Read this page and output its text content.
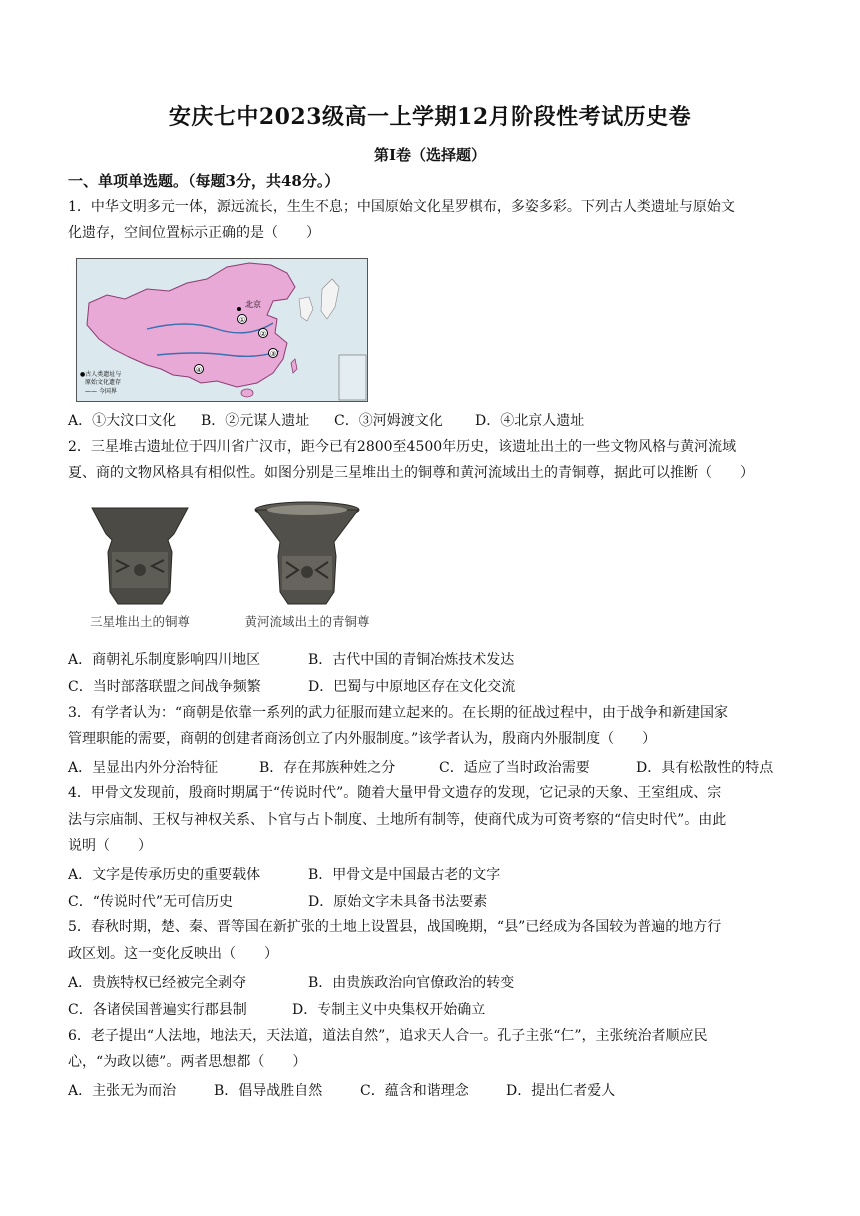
安庆七中2023级高一上学期12月阶段性考试历史卷
第Ⅰ卷（选择题）
一、单项单选题。（每题3分，共48分。）
1．中华文明多元一体，源远流长，生生不息；中国原始文化星罗棋布，多姿多彩。下列古人类遗址与原始文
化遗存，空间位置标示正确的是（　　）
①
②
③
④
北京
●古人类遗址与
原始文化遗存
—— 今国界
A．①大汶口文化 B．②元谋人遗址 C．③河姆渡文化 D．④北京人遗址
2．三星堆古遗址位于四川省广汉市，距今已有2800至4500年历史，该遗址出土的一些文物风格与黄河流域
夏、商的文物风格具有相似性。如图分别是三星堆出土的铜尊和黄河流域出土的青铜尊，据此可以推断（　　）
三星堆出土的铜尊	黄河流域出土的青铜尊
A．商朝礼乐制度影响四川地区	B．古代中国的青铜冶炼技术发达
C．当时部落联盟之间战争频繁	D．巴蜀与中原地区存在文化交流
3．有学者认为：“商朝是依靠一系列的武力征服而建立起来的。在长期的征战过程中，由于战争和新建国家
管理职能的需要，商朝的创建者商汤创立了内外服制度。”该学者认为，殷商内外服制度（　　）
A．呈显出内外分治特征	B．存在邦族种姓之分	C．适应了当时政治需要	D．具有松散性的特点
4．甲骨文发现前，殷商时期属于“传说时代”。随着大量甲骨文遗存的发现，它记录的天象、王室组成、宗
法与宗庙制、王权与神权关系、卜官与占卜制度、土地所有制等，使商代成为可资考察的“信史时代”。由此
说明（　　）
A．文字是传承历史的重要载体	B．甲骨文是中国最古老的文字
C．“传说时代”无可信历史	D．原始文字未具备书法要素
5．春秋时期，楚、秦、晋等国在新扩张的土地上设置县，战国晚期，“县”已经成为各国较为普遍的地方行
政区划。这一变化反映出（　　）
A．贵族特权已经被完全剥夺	B．由贵族政治向官僚政治的转变
C．各诸侯国普遍实行郡县制	D．专制主义中央集权开始确立
6．老子提出“人法地，地法天，天法道，道法自然”，追求天人合一。孔子主张“仁”，主张统治者顺应民
心，“为政以德”。两者思想都（　　）
A．主张无为而治	B．倡导战胜自然	C．蕴含和谐理念	D．提出仁者爱人
